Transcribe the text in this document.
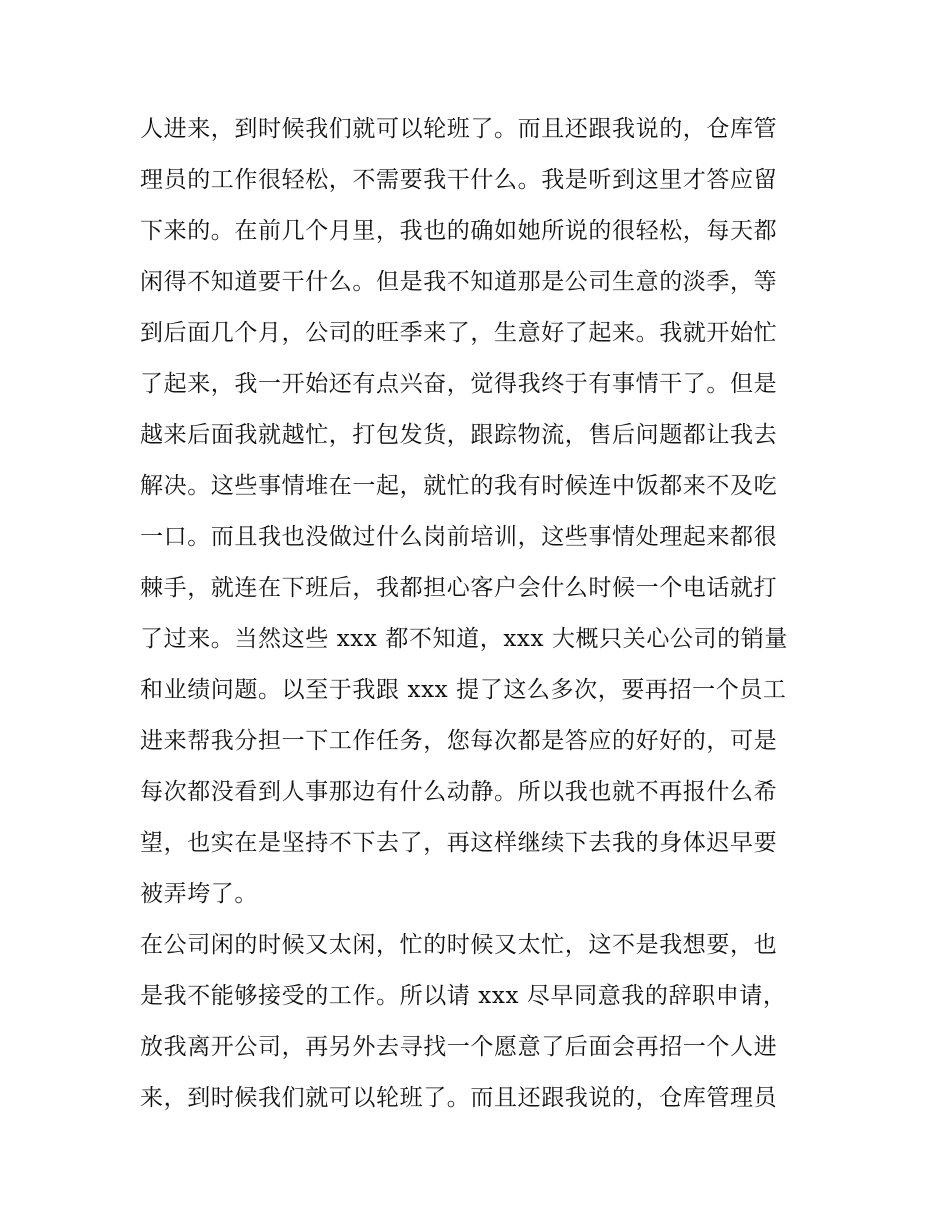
人进来，到时候我们就可以轮班了。而且还跟我说的，仓库管
理员的工作很轻松，不需要我干什么。我是听到这里才答应留
下来的。在前几个月里，我也的确如她所说的很轻松，每天都
闲得不知道要干什么。但是我不知道那是公司生意的淡季，等
到后面几个月，公司的旺季来了，生意好了起来。我就开始忙
了起来，我一开始还有点兴奋，觉得我终于有事情干了。但是
越来后面我就越忙，打包发货，跟踪物流，售后问题都让我去
解决。这些事情堆在一起，就忙的我有时候连中饭都来不及吃
一口。而且我也没做过什么岗前培训，这些事情处理起来都很
棘手，就连在下班后，我都担心客户会什么时候一个电话就打
了过来。当然这些 xxx 都不知道，xxx 大概只关心公司的销量
和业绩问题。以至于我跟 xxx 提了这么多次，要再招一个员工
进来帮我分担一下工作任务，您每次都是答应的好好的，可是
每次都没看到人事那边有什么动静。所以我也就不再报什么希
望，也实在是坚持不下去了，再这样继续下去我的身体迟早要
被弄垮了。
在公司闲的时候又太闲，忙的时候又太忙，这不是我想要，也
是我不能够接受的工作。所以请 xxx 尽早同意我的辞职申请，
放我离开公司，再另外去寻找一个愿意了后面会再招一个人进
来，到时候我们就可以轮班了。而且还跟我说的，仓库管理员
